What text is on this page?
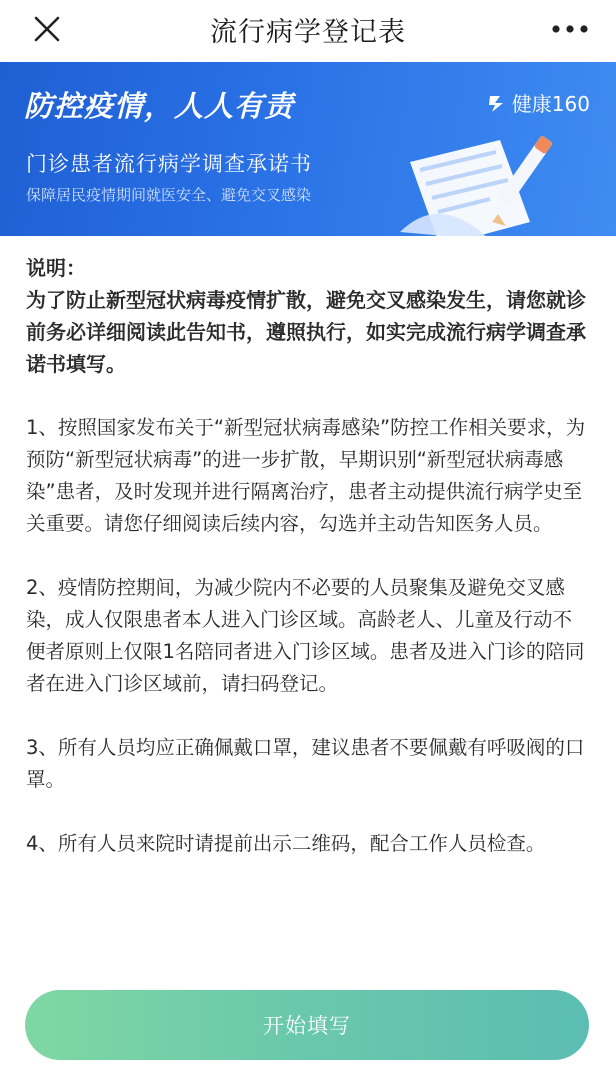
流行病学登记表
防控疫情，人人有责	健康160
门诊患者流行病学调查承诺书
保障居民疫情期间就医安全、避免交叉感染

说明：

为了防止新型冠状病毒疫情扩散，避免交叉感染发生，请您就诊前务必详细阅读此告知书，遵照执行，如实完成流行病学调查承诺书填写。

1、按照国家发布关于“新型冠状病毒感染”防控工作相关要求，为预防“新型冠状病毒”的进一步扩散，早期识别“新型冠状病毒感染”患者，及时发现并进行隔离治疗，患者主动提供流行病学史至关重要。请您仔细阅读后续内容，勾选并主动告知医务人员。

2、疫情防控期间，为减少院内不必要的人员聚集及避免交叉感染，成人仅限患者本人进入门诊区域。高龄老人、儿童及行动不便者原则上仅限1名陪同者进入门诊区域。患者及进入门诊的陪同者在进入门诊区域前，请扫码登记。

3、所有人员均应正确佩戴口罩，建议患者不要佩戴有呼吸阀的口罩。

4、所有人员来院时请提前出示二维码，配合工作人员检查。

开始填写
